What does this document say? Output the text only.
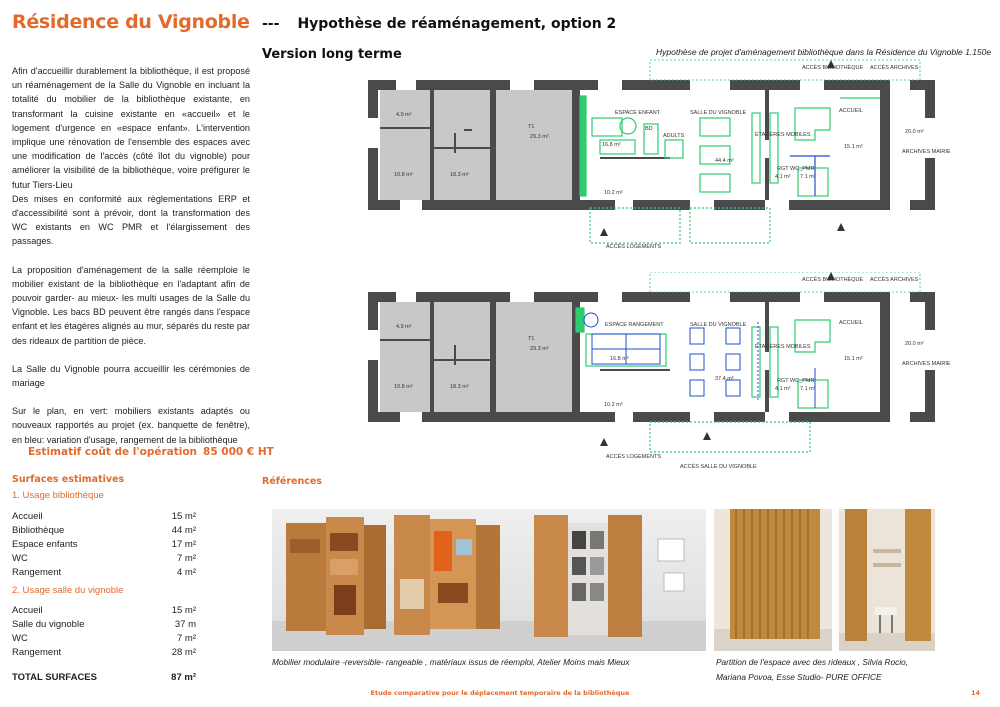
Résidence du Vignoble --- Hypothèse de réaménagement, option 2
Version long terme	Hypothèse de projet d'aménagement bibliothèque dans la Résidence du Vignoble 1.150e

Afin d'accueillir durablement la bibliothèque, il est proposé un réaménagement de la Salle du Vignoble en incluant la totalité du mobilier de la bibliothèque existante, en transformant la cuisine existante en «accueil» et le logement d'urgence en «espace enfant». L'intervention implique une rénovation de l'ensemble des espaces avec une modification de l'accès (côté îlot du vignoble) pour améliorer la visibilité de la bibliothèque, voire préfigurer le futur Tiers-Lieu

Des mises en conformité aux règlementations ERP et d'accessibilité sont à prévoir, dont la transformation des WC existants en WC PMR et l'élargissement des passages.

La proposition d'aménagement de la salle réemploie le mobilier existant de la bibliothèque en l'adaptant afin de pouvoir garder- au mieux- les multi usages de la Salle du Vignoble. Les bacs BD peuvent être rangés dans l'espace enfant et les étagères alignés au mur, séparés du reste par des rideaux de partition de pièce.

La Salle du Vignoble pourra accueillir les cérémonies de mariage

Sur le plan, en vert: mobiliers existants adaptés ou nouveaux rapportés au projet (ex. banquette de fenêtre), en bleu: variation d'usage, rangement de la bibliothèque

Estimatif coût de l'opération 85 000 € HT
Surfaces estimatives
1. Usage bibliothèque
Accueil	15 m²
Bibliothèque	44 m²
Espace enfants	17 m²
WC	7 m²
Rangement	4 m²
2. Usage salle du vignoble
Accueil	15 m²
Salle du vignoble	37 m
WC	7 m²
Rangement	28 m²
TOTAL SURFACES	87 m²
ACCÈS BIBLIOTHÈQUE ACCÈS ARCHIVES
ESPACE ENFANT	SALLE DU VIGNOBLE	ACCUEIL
ÉTAGÈRES MOBILES
ARCHIVES MAIRIE
RGT WC_PMR
ACCÈS LOGEMENTS
BD
ADULTS
T1
4.9 m²
10.8 m²	18.3 m²
29.3 m²
16.8 m²
10.2 m²
44.4 m²
15.1 m²
4.1 m² 7.1 m²
20.0 m²
ACCÈS BIBLIOTHÈQUE ACCÈS ARCHIVES
ESPACE RANGEMENT	SALLE DU VIGNOBLE	ACCUEIL
ÉTAGÈRES MOBILES
ARCHIVES MAIRIE
RGT WC_PMR
ACCÈS LOGEMENTS
ACCÈS SALLE DU VIGNOBLE
T1
4.9 m²
10.8 m²	18.3 m²
29.3 m²
16.8 m²
10.2 m²
37.4 m²
15.1 m²
4.1 m² 7.1 m²
20.0 m²
Références
Mobilier modulaire -reversible- rangeable , matériaux issus de réemploi, Atelier Moins mais Mieux	Partition de l'espace avec des rideaux , Silvia Rocio,
Mariana Povoa, Esse Studio- PURE OFFICE
Etude comparative pour le déplacement temporaire de la bibliothèque	14
